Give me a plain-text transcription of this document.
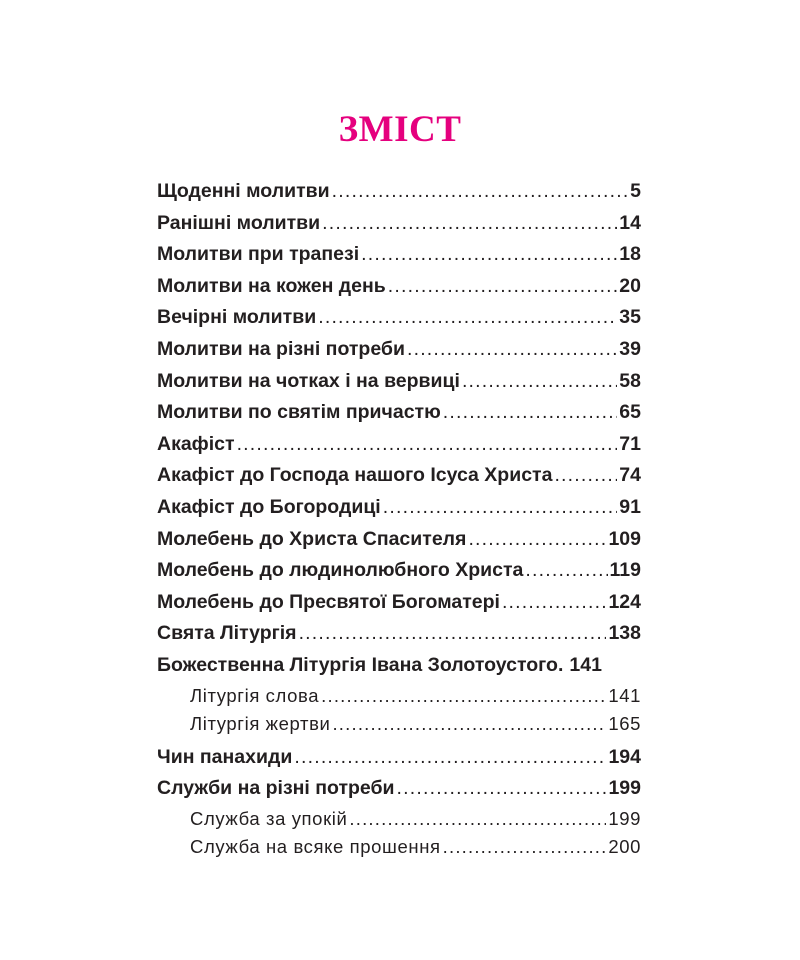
ЗМІСТ
Щоденні молитви .....	5
Ранішні молитви .....	14
Молитви при трапезі .....	18
Молитви на кожен день .....	20
Вечірні молитви .....	35
Молитви на різні потреби .....	39
Молитви на чотках і на вервиці .....	58
Молитви по святім причастю .....	65
Акафіст .....	71
Акафіст до Господа нашого Ісуса Христа .....	74
Акафіст до Богородиці .....	91
Молебень до Христа Спасителя .....	109
Молебень до людинолюбного Христа .....	119
Молебень до Пресвятої Богоматері .....	124
Свята Літургія .....	138
Божественна Літургія Івана Золотоустого. 141
Літургія слова .....	141
Літургія жертви .....	165
Чин панахиди .....	194
Служби на різні потреби .....	199
Служба за упокій .....	199
Служба на всяке прошення .....	200
